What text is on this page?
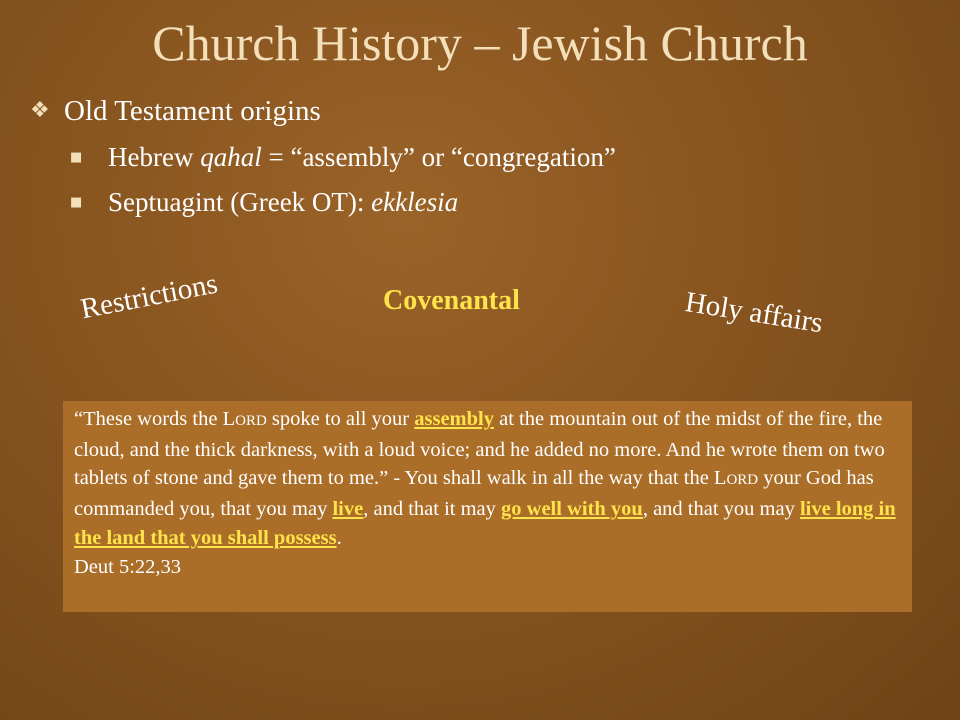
Church History – Jewish Church
❖ Old Testament origins
■ Hebrew qahal = “assembly” or “congregation”
■ Septuagint (Greek OT): ekklesia
Restrictions	Covenantal	Holy affairs

“These words the LORD spoke to all your assembly at the mountain out of the midst of the fire, the cloud, and the thick darkness, with a loud voice; and he added no more. And he wrote them on two tablets of stone and gave them to me.” - You shall walk in all the way that the LORD your God has commanded you, that you may live, and that it may go well with you, and that you may live long in the land that you shall possess.

Deut 5:22,33
